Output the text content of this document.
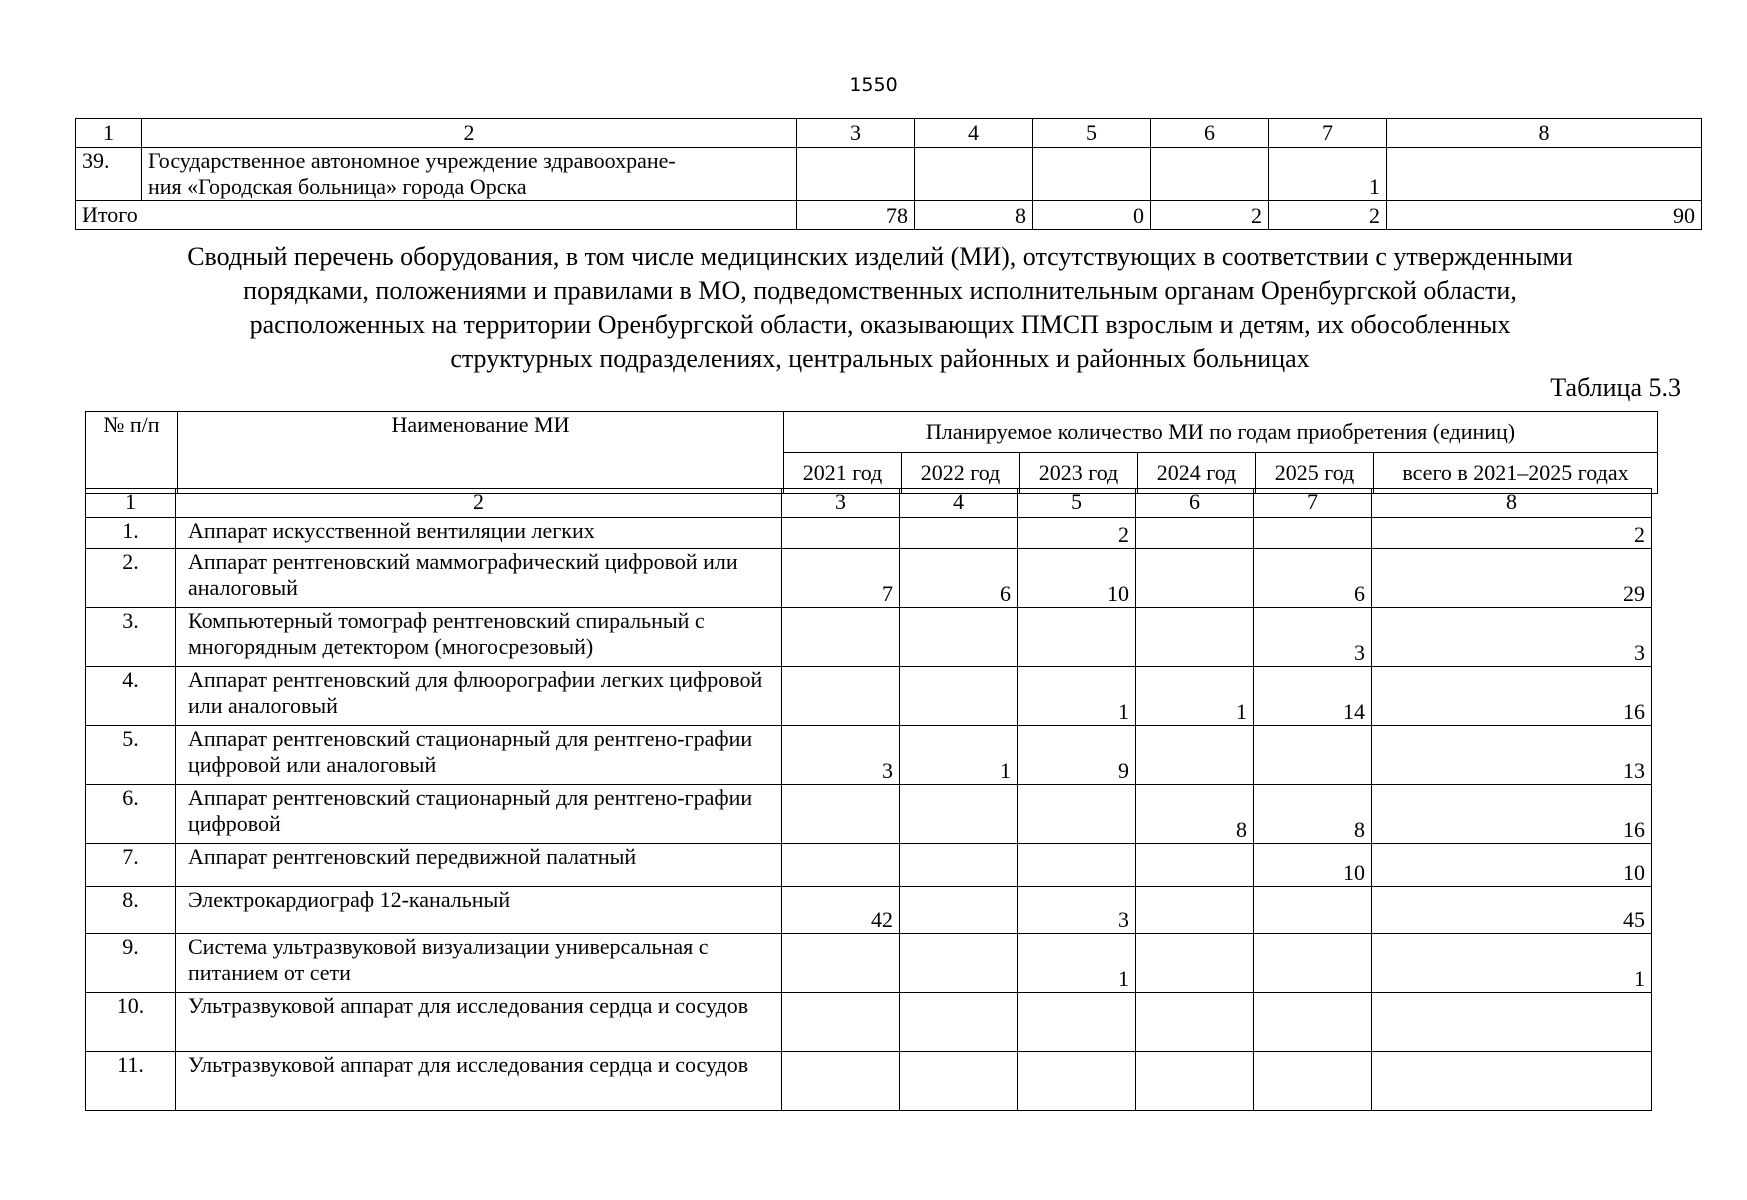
1550
1	2	3	4	5	6	7	8
39.	Государственное автономное учреждение здравоохране-
ния «Городская больница» города Орска					1	
Итого		78	8	0	2	2	90
Сводный перечень оборудования, в том числе медицинских изделий (МИ), отсутствующих в соответствии с утвержденными
порядками, положениями и правилами в МО, подведомственных исполнительным органам Оренбургской области,
расположенных на территории Оренбургской области, оказывающих ПМСП взрослым и детям, их обособленных
структурных подразделениях, центральных районных и районных больницах
Таблица 5.3
№ п/п	Наименование МИ	Планируемое количество МИ по годам приобретения (единиц)					
		2021 год	2022 год	2023 год	2024 год	2025 год	всего в 2021–2025 годах
1	2	3	4	5	6	7	8
1.	Аппарат искусственной вентиляции легких			2			2
2.	Аппарат рентгеновский маммографический цифровой или аналоговый	7	6	10		6	29
3.	Компьютерный томограф рентгеновский спиральный с многорядным детектором (многосрезовый)					3	3
4.	Аппарат рентгеновский для флюорографии легких цифровой или аналоговый			1	1	14	16
5.	Аппарат рентгеновский стационарный для рентгено-графии цифровой или аналоговый	3	1	9			13
6.	Аппарат рентгеновский стационарный для рентгено-графии цифровой				8	8	16
7.	Аппарат рентгеновский передвижной палатный					10	10
8.	Электрокардиограф 12-канальный	42		3			45
9.	Система ультразвуковой визуализации универсальная с питанием от сети			1			1
10.	Ультразвуковой аппарат для исследования сердца и сосудов						
11.	Ультразвуковой аппарат для исследования сердца и сосудов						
